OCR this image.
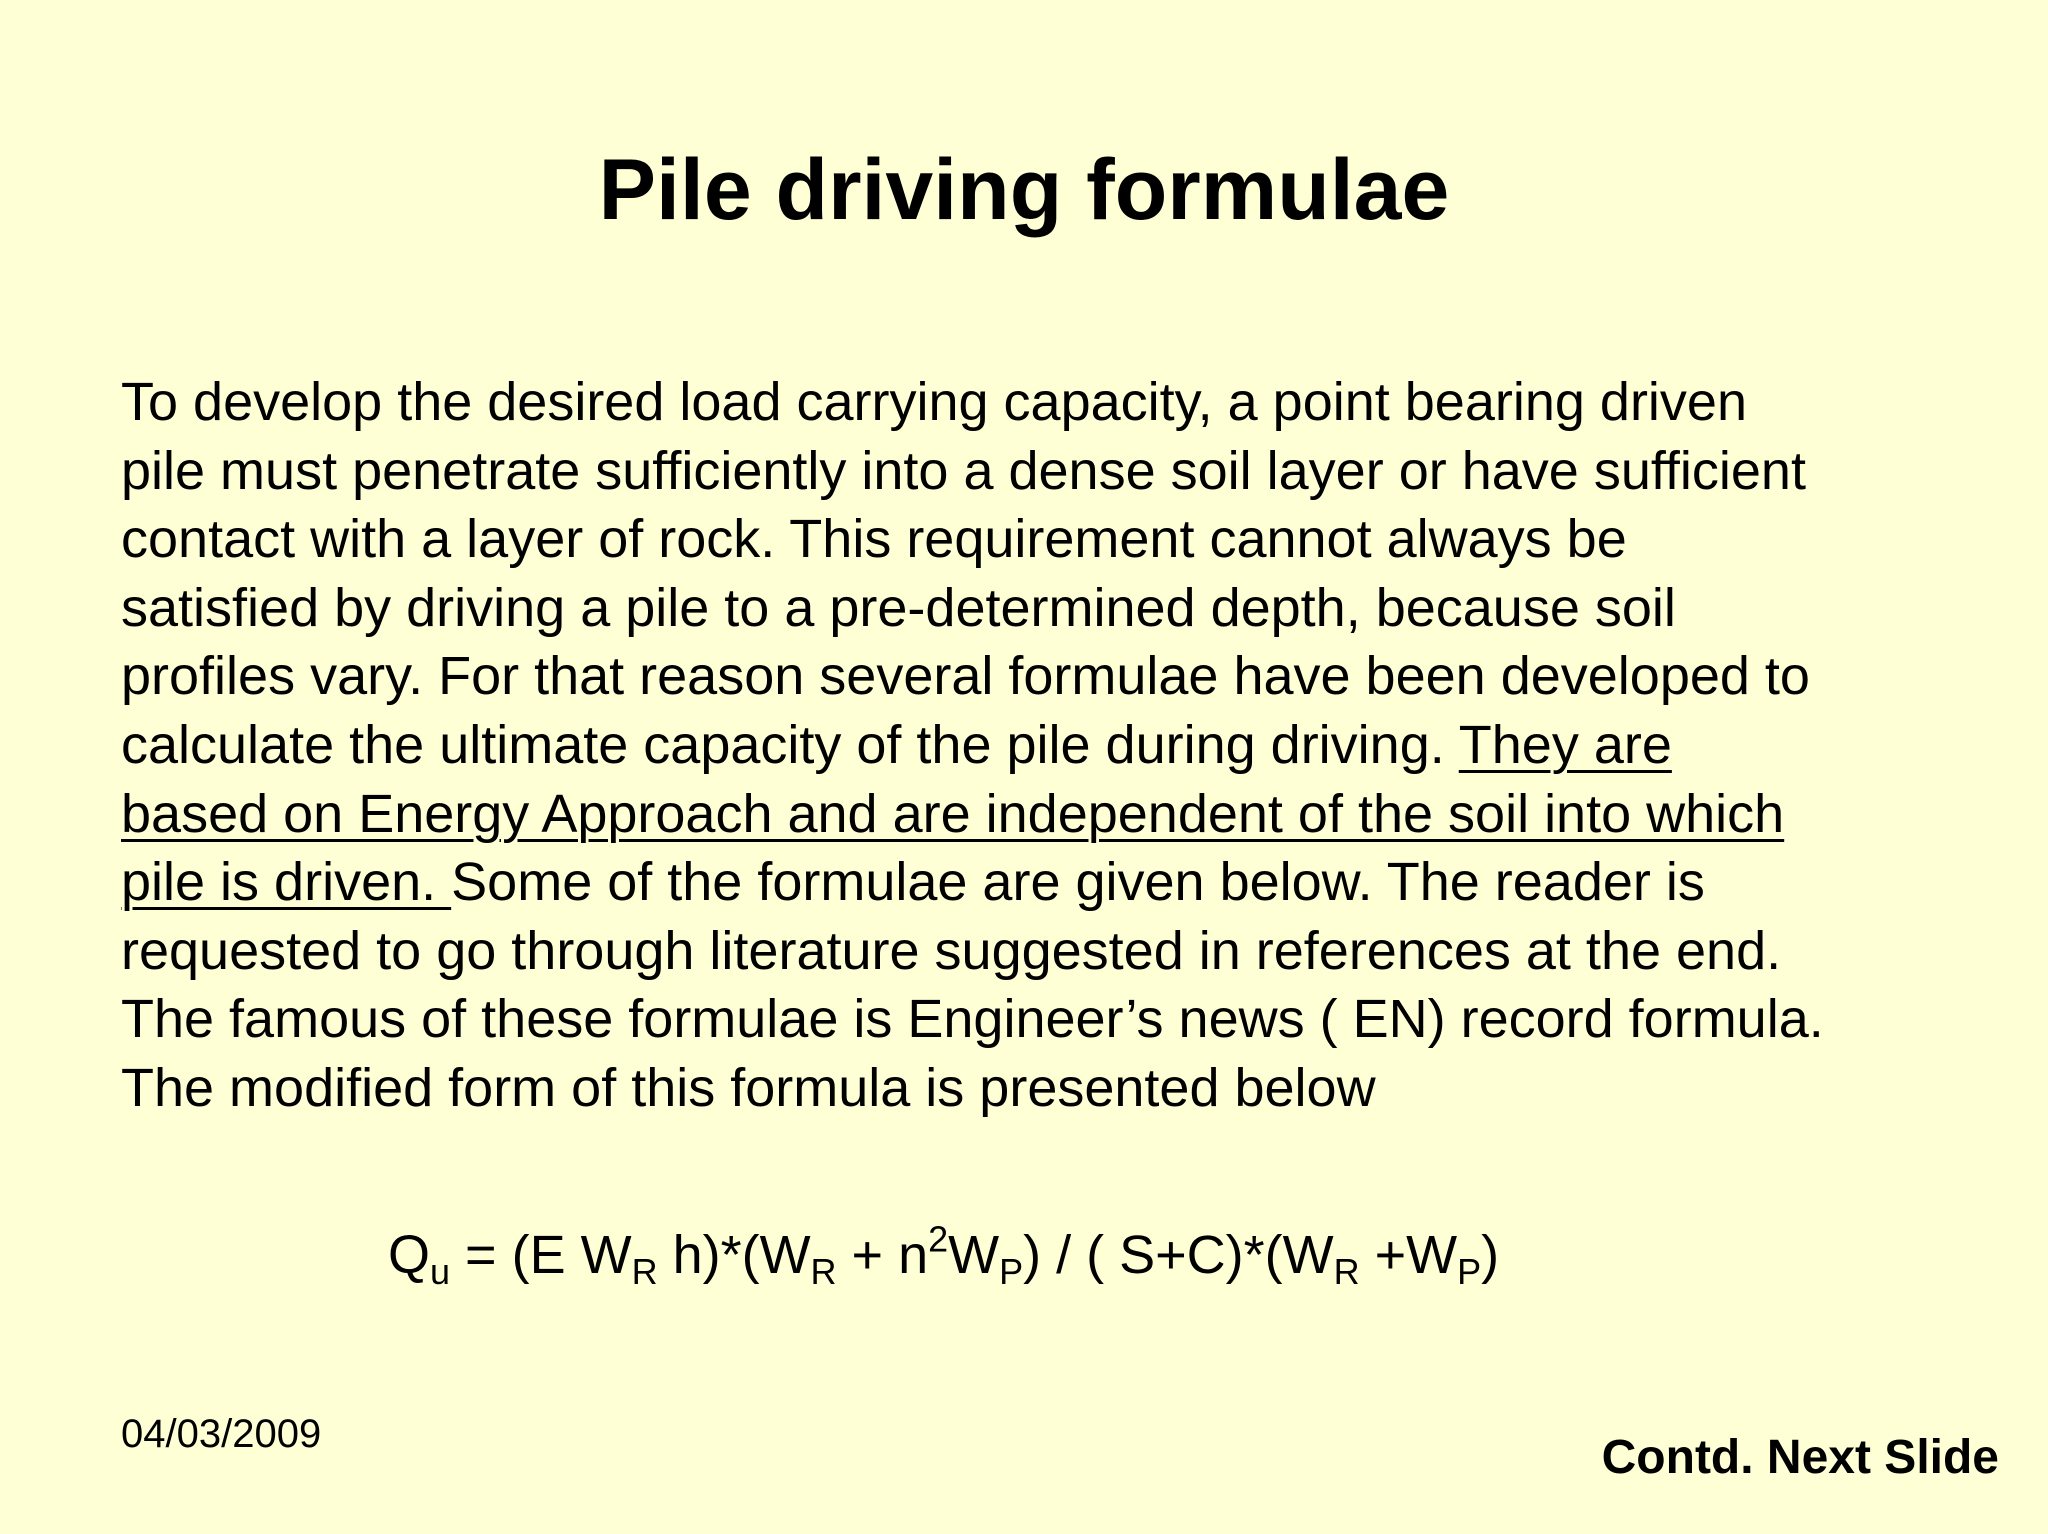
Pile driving formulae
To develop the desired load carrying capacity, a point bearing driven
pile must penetrate sufficiently into a dense soil layer or have sufficient
contact with a layer of rock. This requirement cannot always be
satisfied by driving a pile to a pre-determined depth, because soil
profiles vary. For that reason several formulae have been developed to
calculate the ultimate capacity of the pile during driving. They are
based on Energy Approach and are independent of the soil into which
pile is driven. Some of the formulae are given below. The reader is
requested to go through literature suggested in references at the end.
The famous of these formulae is Engineer’s news ( EN) record formula.
The modified form of this formula is presented below
$Q_u = (E$ $W_R$ $h)*(W_R + n^2W_P)$ / ( $S+C)*(W_R +W_P)$
04/03/2009	Contd. Next Slide
